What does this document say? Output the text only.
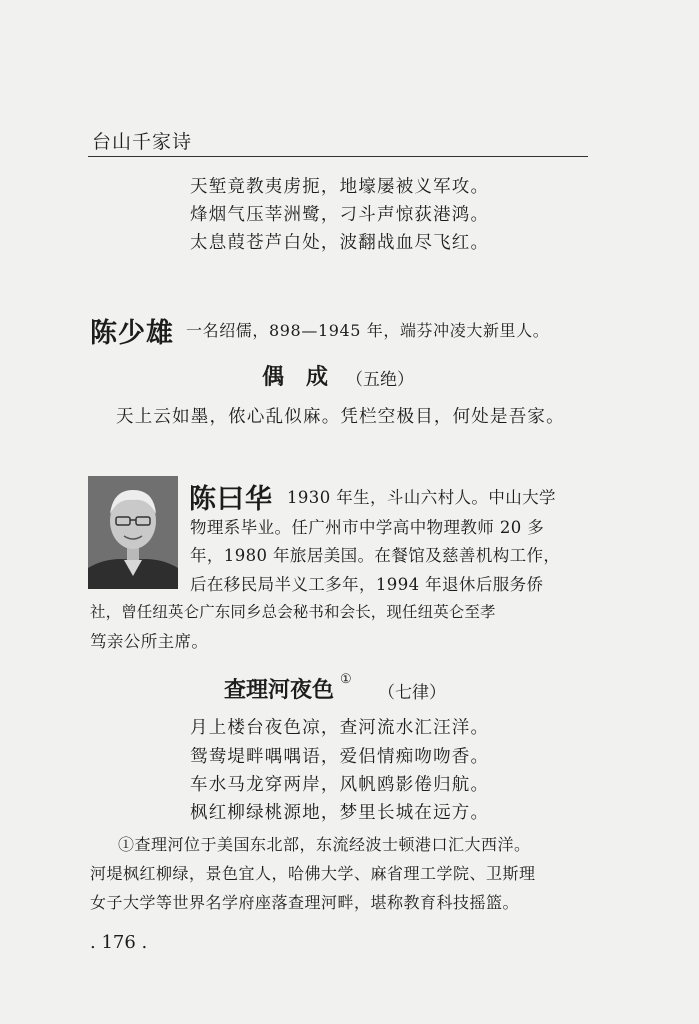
台山千家诗
天堑竟教夷虏扼，地壕屡被义军攻。
烽烟气压莘洲鹭，刁斗声惊荻港鸿。
太息葭苍芦白处，波翻战血尽飞红。
陈少雄 一名绍儒，898—1945 年，端芬冲凌大新里人。
偶　成 （五绝）
天上云如墨，侬心乱似麻。凭栏空极目，何处是吾家。
陈曰华 1930 年生，斗山六村人。中山大学
物理系毕业。任广州市中学高中物理教师 20 多
年，1980 年旅居美国。在餐馆及慈善机构工作，
后在移民局半义工多年，1994 年退休后服务侨
社，曾任纽英仑广东同乡总会秘书和会长，现任纽英仑至孝
笃亲公所主席。
查理河夜色 ①
（七律）
月上楼台夜色凉，查河流水汇汪洋。
鸳鸯堤畔喁喁语，爱侣情痴吻吻香。
车水马龙穿两岸，风帆鸥影倦归航。
枫红柳绿桃源地，梦里长城在远方。
①查理河位于美国东北部，东流经波士顿港口汇大西洋。
河堤枫红柳绿，景色宜人，哈佛大学、麻省理工学院、卫斯理
女子大学等世界名学府座落查理河畔，堪称教育科技摇篮。
. 176 .
